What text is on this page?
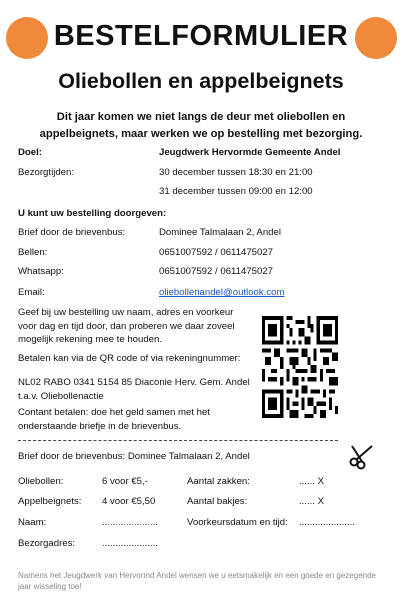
BESTELFORMULIER
Oliebollen en appelbeignets
Dit jaar komen we niet langs de deur met oliebollen en
appelbeignets, maar werken we op bestelling met bezorging.
Doel:	Jeugdwerk Hervormde Gemeente Andel
Bezorgtijden:	30 december tussen 18:30 en 21:00
31 december tussen 09:00 en 12:00
U kunt uw bestelling doorgeven:
Brief door de brievenbus:	Dominee Talmalaan 2, Andel
Bellen:	0651007592 / 0611475027
Whatsapp:	0651007592 / 0611475027
Email:	oliebollenandel@outlook.com
Geef bij uw bestelling uw naam, adres en voorkeur
voor dag en tijd door, dan proberen we daar zoveel
mogelijk rekening mee te houden.
Betalen kan via de QR code of via rekeningnummer:
NL02 RABO 0341 5154 85 Diaconie Herv. Gem. Andel
t.a.v. Oliebollenactie
Contant betalen: doe het geld samen met het
onderstaande briefje in de brievenbus.
Brief door de brievenbus: Dominee Talmalaan 2, Andel
Oliebollen:	6 voor €5,-	Aantal zakken:	...... X
Appelbeignets: 4 voor €5,50	Aantal bakjes:	...... X
Naam:	.....................	Voorkeursdatum en tijd: .....................
Bezorgadres:	.....................
Namens het Jeugdwerk van Hervormd Andel wensen we u eetsmakelijk en een goede en gezegende
jaar wisseling toe!
